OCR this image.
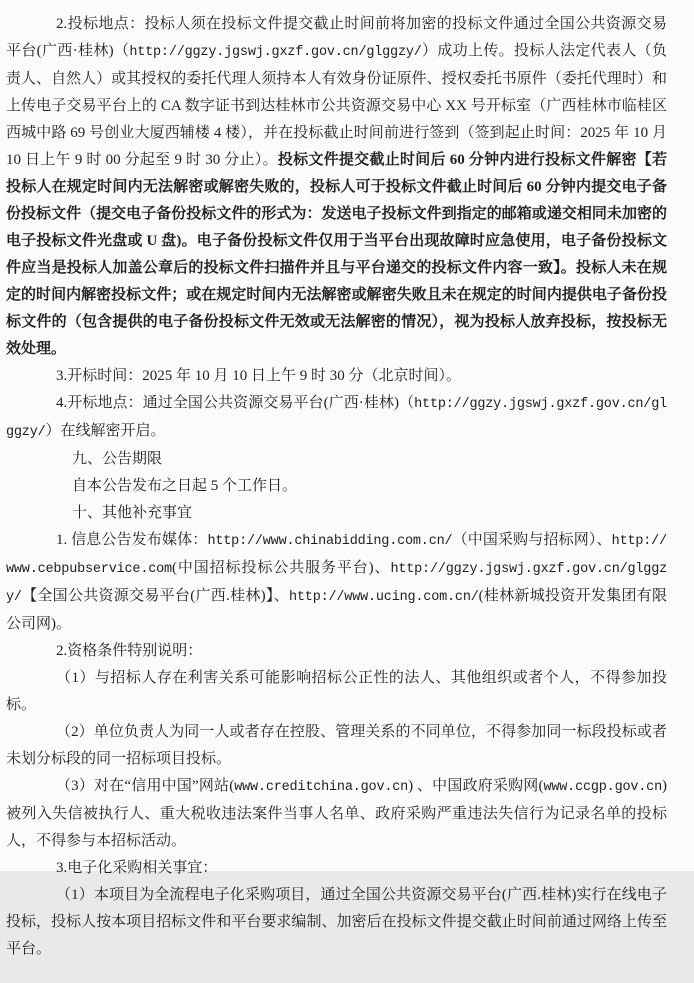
2.投标地点：投标人须在投标文件提交截止时间前将加密的投标文件通过全国公共资源交易平台(广西·桂林)（http://ggzy.jgswj.gxzf.gov.cn/glggzy/）成功上传。投标人法定代表人（负责人、自然人）或其授权的委托代理人须持本人有效身份证原件、授权委托书原件（委托代理时）和上传电子交易平台上的 CA 数字证书到达桂林市公共资源交易中心 XX 号开标室（广西桂林市临桂区西城中路 69 号创业大厦西辅楼 4 楼），并在投标截止时间前进行签到（签到起止时间：2025 年 10 月 10 日上午 9 时 00 分起至 9 时 30 分止）。投标文件提交截止时间后 60 分钟内进行投标文件解密【若投标人在规定时间内无法解密或解密失败的，投标人可于投标文件截止时间后 60 分钟内提交电子备份投标文件（提交电子备份投标文件的形式为：发送电子投标文件到指定的邮箱或递交相同未加密的电子投标文件光盘或 U 盘)。电子备份投标文件仅用于当平台出现故障时应急使用，电子备份投标文件应当是投标人加盖公章后的投标文件扫描件并且与平台递交的投标文件内容一致】。投标人未在规定的时间内解密投标文件；或在规定时间内无法解密或解密失败且未在规定的时间内提供电子备份投标文件的（包含提供的电子备份投标文件无效或无法解密的情况），视为投标人放弃投标，按投标无效处理。

3.开标时间：2025 年 10 月 10 日上午 9 时 30 分（北京时间）。

4.开标地点：通过全国公共资源交易平台(广西·桂林)（http://ggzy.jgswj.gxzf.gov.cn/glggzy/）在线解密开启。

九、公告期限

自本公告发布之日起 5 个工作日。

十、其他补充事宜

1. 信息公告发布媒体：http://www.chinabidding.com.cn/（中国采购与招标网）、http://www.cebpubservice.com(中国招标投标公共服务平台)、http://ggzy.jgswj.gxzf.gov.cn/glggzy/【全国公共资源交易平台(广西.桂林)】、http://www.ucing.com.cn/(桂林新城投资开发集团有限公司网)。

2.资格条件特别说明：

（1）与招标人存在利害关系可能影响招标公正性的法人、其他组织或者个人，不得参加投标。

（2）单位负责人为同一人或者存在控股、管理关系的不同单位，不得参加同一标段投标或者未划分标段的同一招标项目投标。

（3）对在“信用中国”网站(www.creditchina.gov.cn) 、中国政府采购网(www.ccgp.gov.cn)被列入失信被执行人、重大税收违法案件当事人名单、政府采购严重违法失信行为记录名单的投标人，不得参与本招标活动。

3.电子化采购相关事宜：

（1）本项目为全流程电子化采购项目，通过全国公共资源交易平台(广西.桂林)实行在线电子投标，投标人按本项目招标文件和平台要求编制、加密后在投标文件提交截止时间前通过网络上传至平台。
